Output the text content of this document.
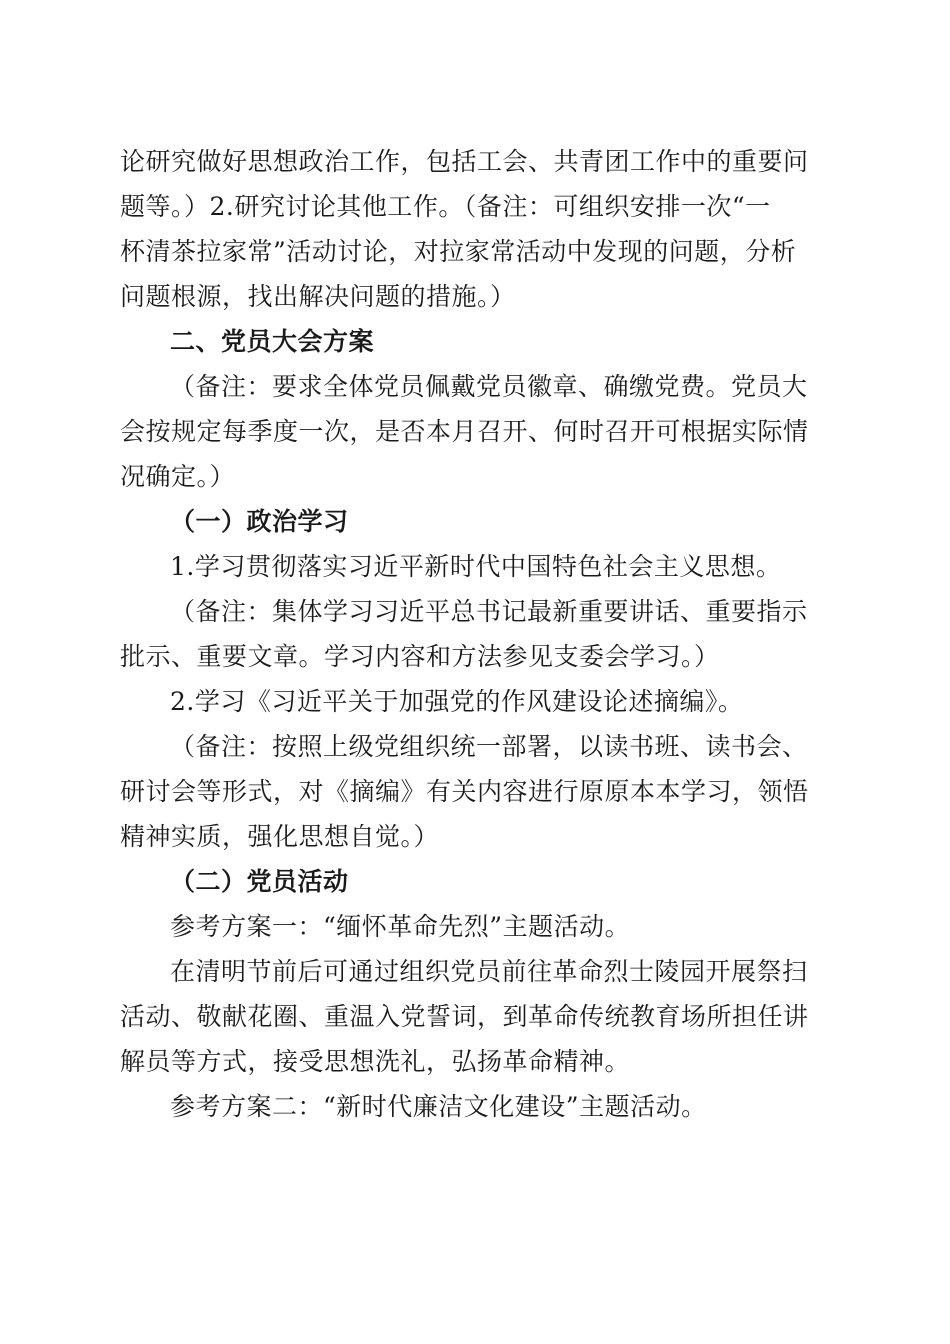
论研究做好思想政治工作，包括工会、共青团工作中的重要问
题等。）2.研究讨论其他工作。（备注：可组织安排一次“一
杯清茶拉家常”活动讨论，对拉家常活动中发现的问题，分析
问题根源，找出解决问题的措施。）
二、党员大会方案
（备注：要求全体党员佩戴党员徽章、确缴党费。党员大
会按规定每季度一次，是否本月召开、何时召开可根据实际情
况确定。）
（一）政治学习
1.学习贯彻落实习近平新时代中国特色社会主义思想。
（备注：集体学习习近平总书记最新重要讲话、重要指示
批示、重要文章。学习内容和方法参见支委会学习。）
2.学习《习近平关于加强党的作风建设论述摘编》。
（备注：按照上级党组织统一部署，以读书班、读书会、
研讨会等形式，对《摘编》有关内容进行原原本本学习，领悟
精神实质，强化思想自觉。）
（二）党员活动
参考方案一：“缅怀革命先烈”主题活动。
在清明节前后可通过组织党员前往革命烈士陵园开展祭扫
活动、敬献花圈、重温入党誓词，到革命传统教育场所担任讲
解员等方式，接受思想洗礼，弘扬革命精神。
参考方案二：“新时代廉洁文化建设”主题活动。
